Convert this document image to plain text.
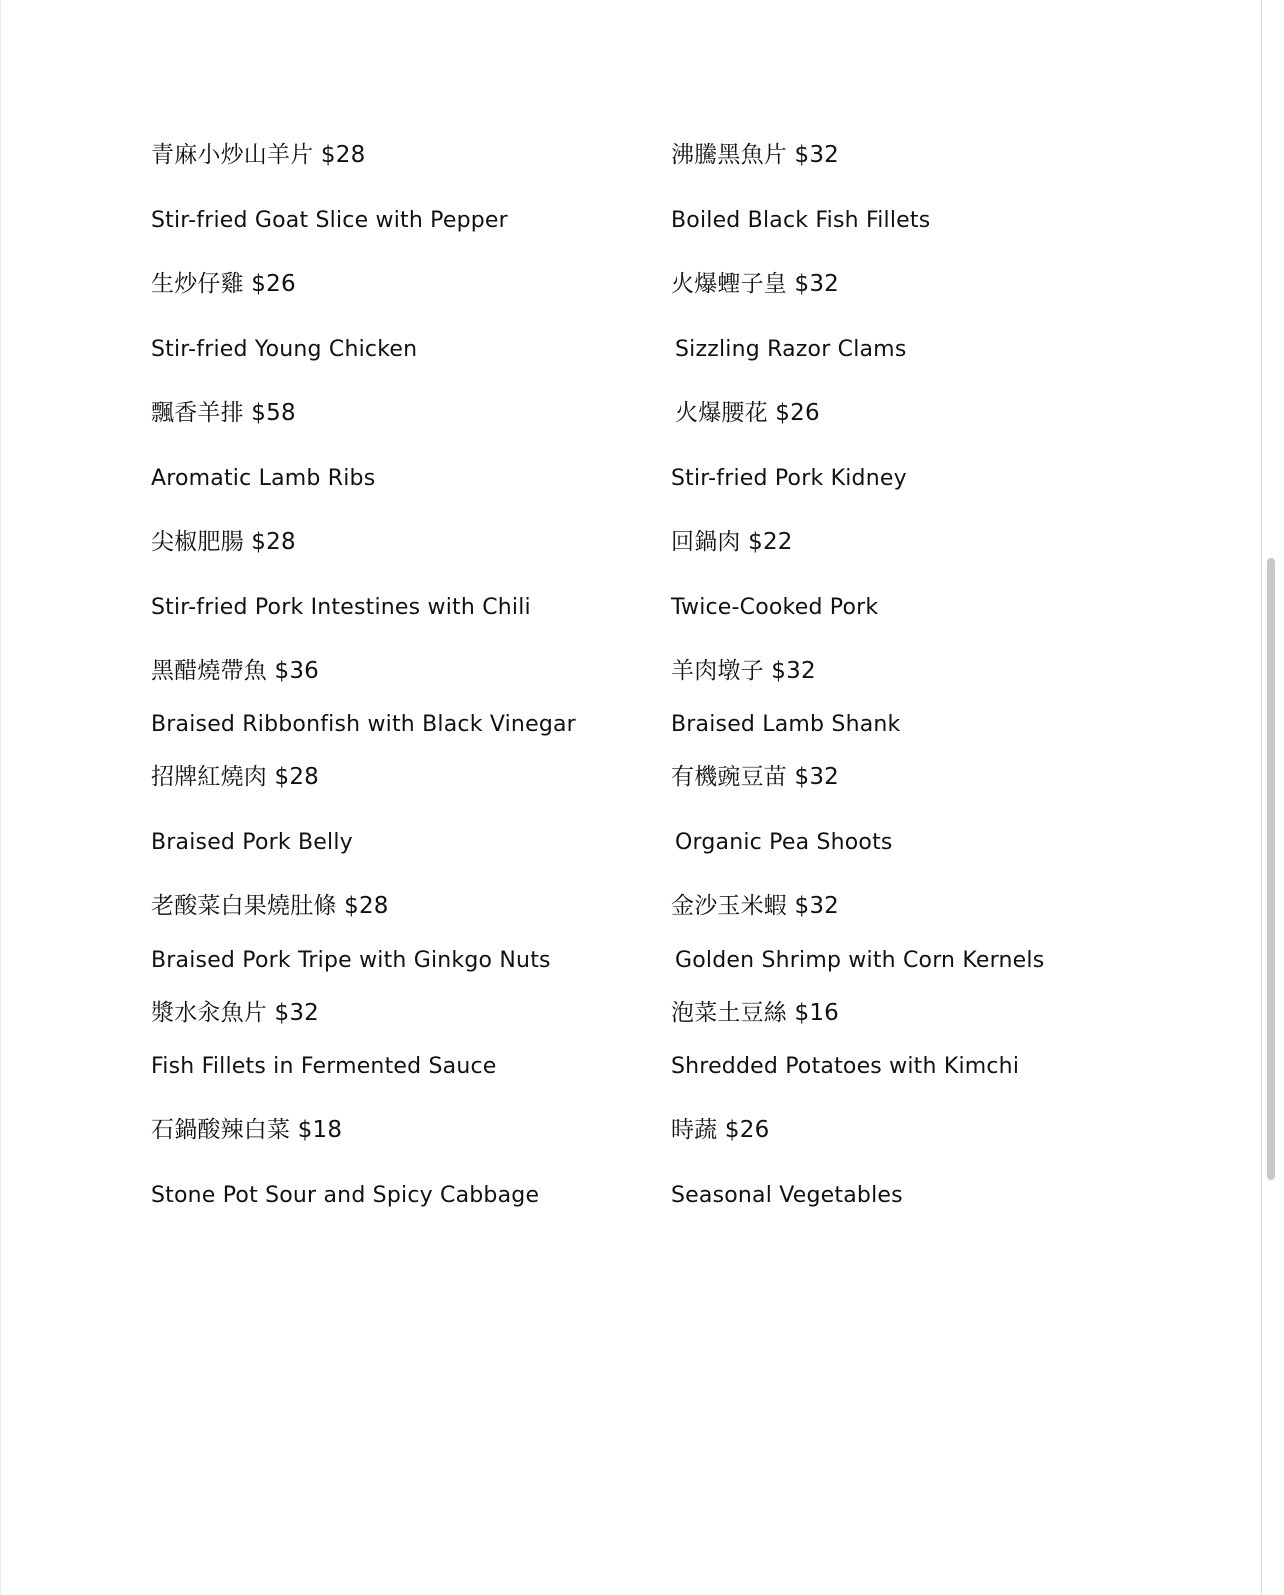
青麻小炒山羊片 $28
Stir-fried Goat Slice with Pepper
生炒仔雞 $26
Stir-fried Young Chicken
飄香羊排 $58
Aromatic Lamb Ribs
尖椒肥腸 $28
Stir-fried Pork Intestines with Chili
黑醋燒帶魚 $36
Braised Ribbonfish with Black Vinegar
招牌紅燒肉 $28
Braised Pork Belly
老酸菜白果燒肚條 $28
Braised Pork Tripe with Ginkgo Nuts
漿水汆魚片 $32
Fish Fillets in Fermented Sauce
石鍋酸辣白菜 $18
Stone Pot Sour and Spicy Cabbage
沸騰黑魚片 $32
Boiled Black Fish Fillets
火爆蟶子皇 $32
Sizzling Razor Clams
火爆腰花 $26
Stir-fried Pork Kidney
回鍋肉 $22
Twice-Cooked Pork
羊肉墩子 $32
Braised Lamb Shank
有機豌豆苗 $32
Organic Pea Shoots
金沙玉米蝦 $32
Golden Shrimp with Corn Kernels
泡菜土豆絲 $16
Shredded Potatoes with Kimchi
時蔬 $26
Seasonal Vegetables
